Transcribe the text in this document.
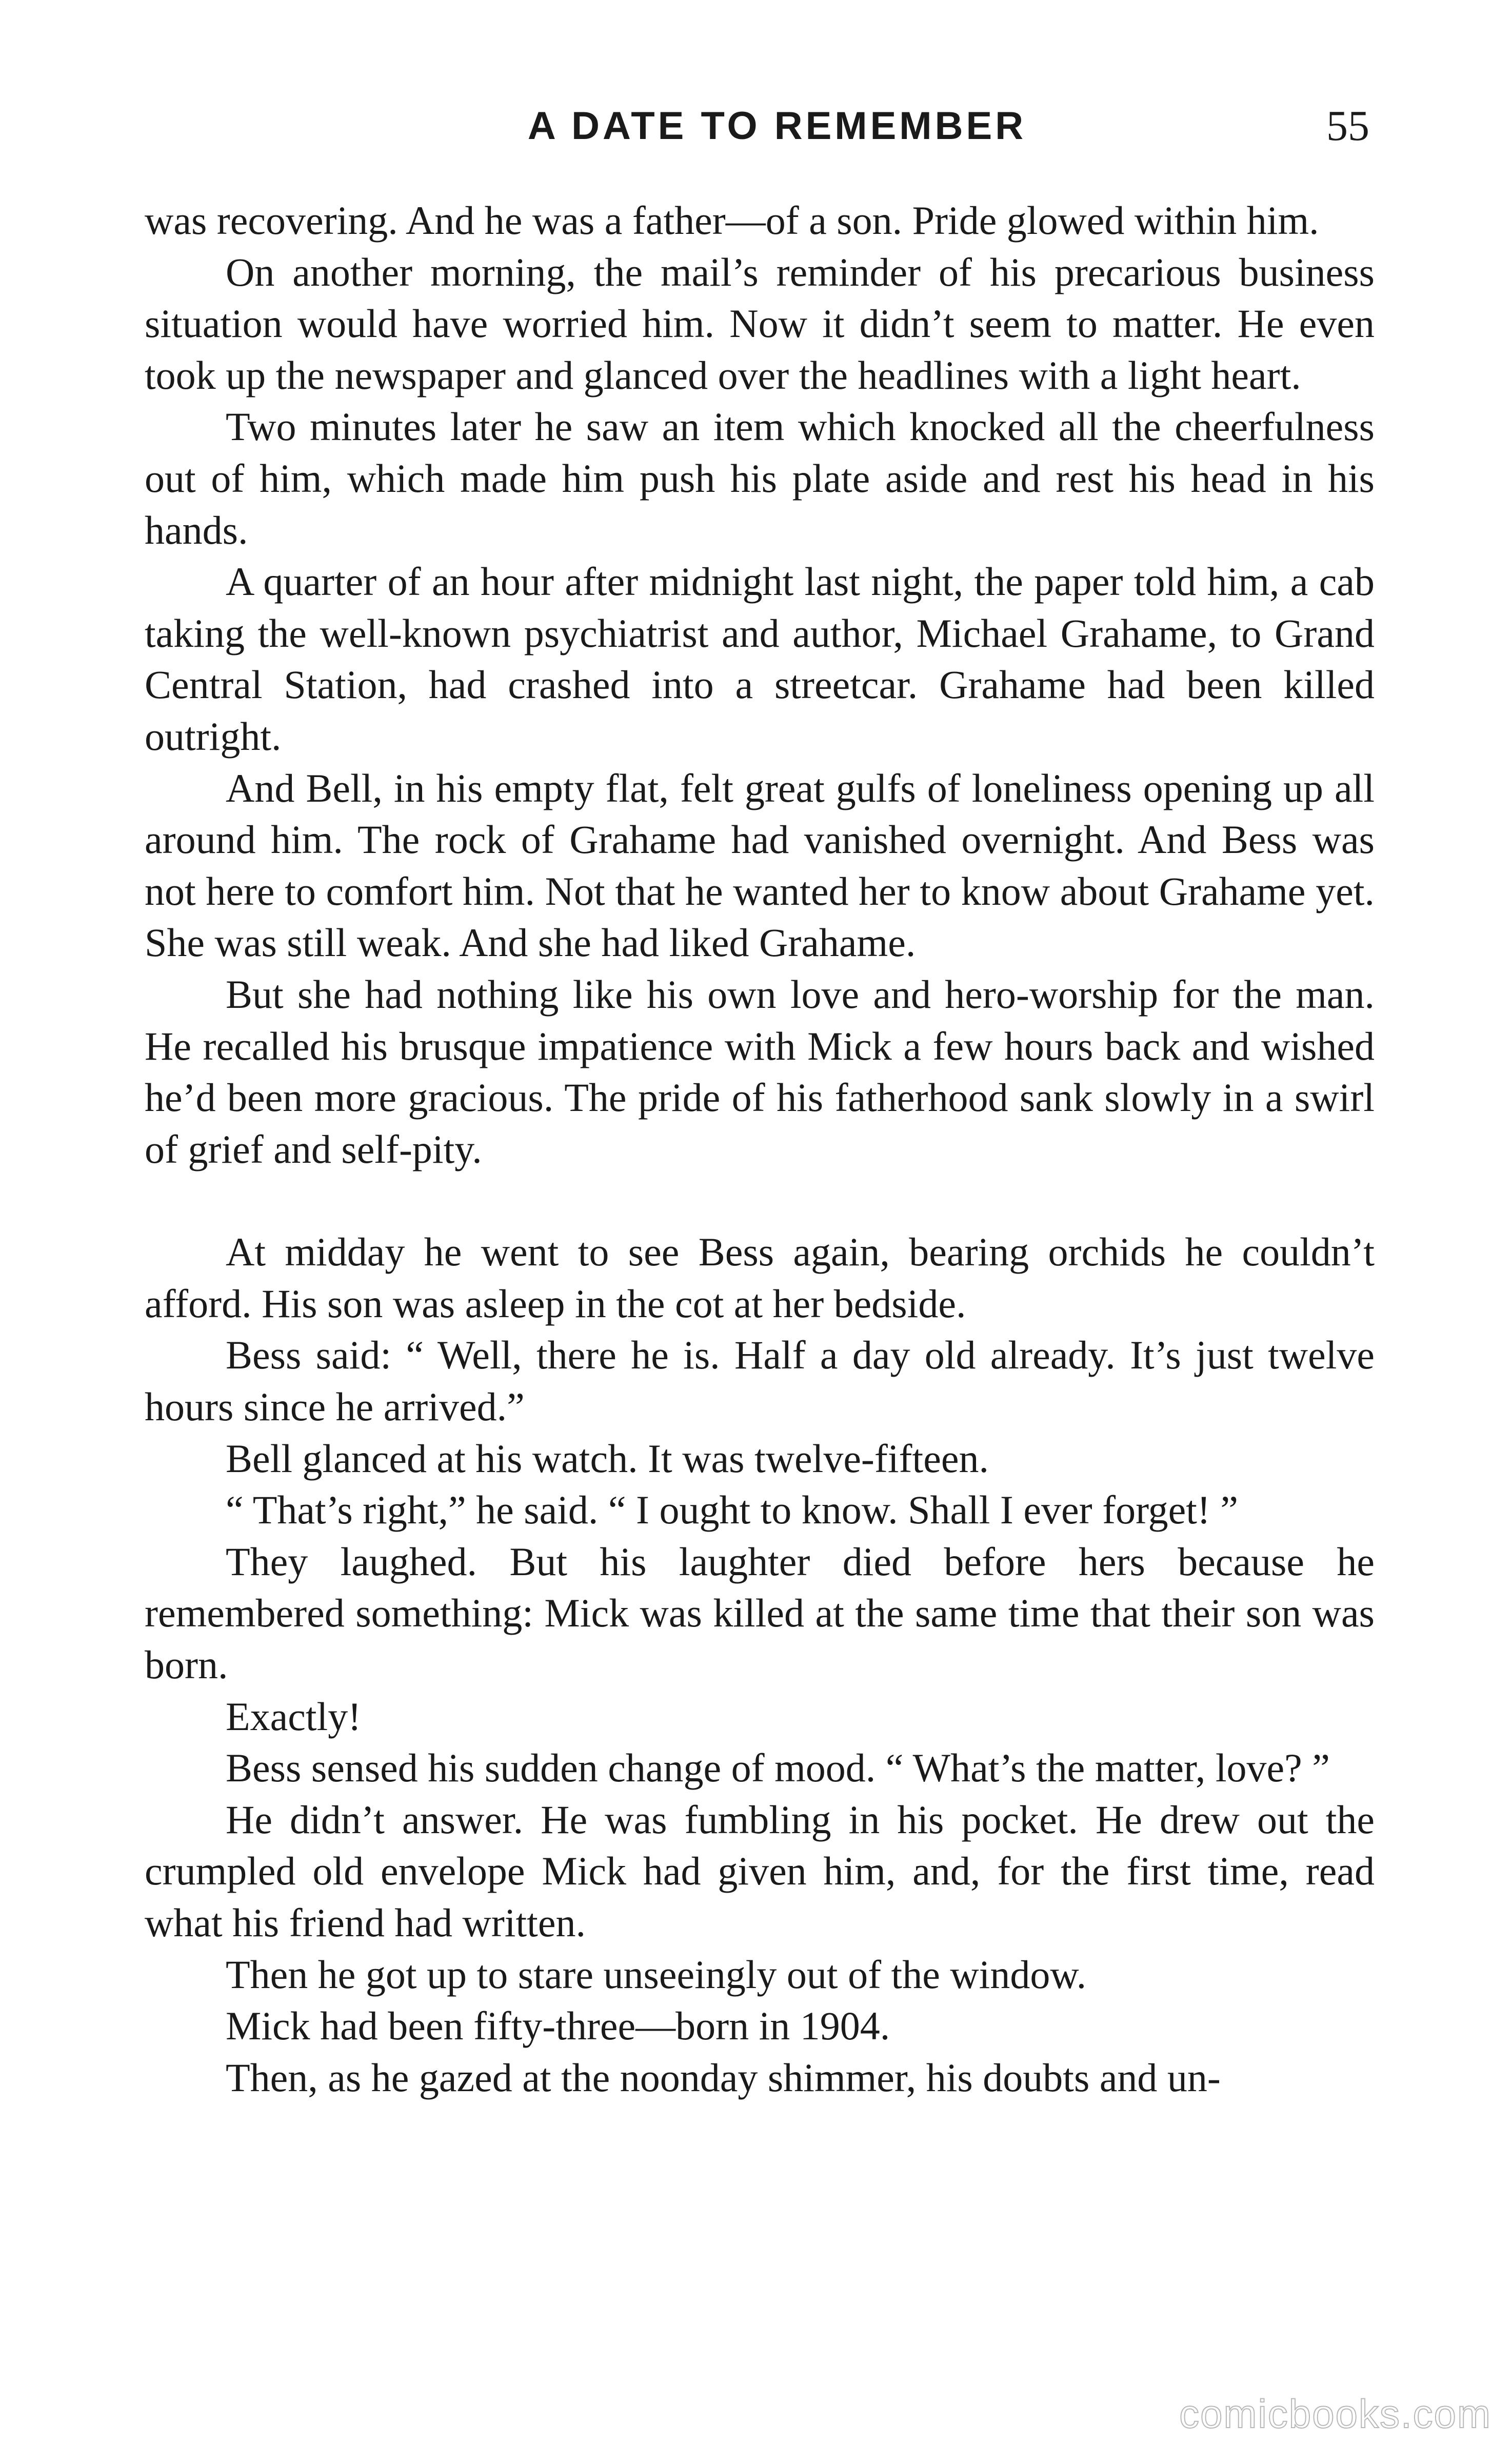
A DATE TO REMEMBER	55

was recovering. And he was a father—of a son. Pride glowed within him.

On another morning, the mail’s reminder of his precarious business situation would have worried him. Now it didn’t seem to matter. He even took up the newspaper and glanced over the headlines with a light heart.

Two minutes later he saw an item which knocked all the cheerfulness out of him, which made him push his plate aside and rest his head in his hands.

A quarter of an hour after midnight last night, the paper told him, a cab taking the well-known psychiatrist and author, Michael Grahame, to Grand Central Station, had crashed into a streetcar. Grahame had been killed outright.

And Bell, in his empty flat, felt great gulfs of loneliness opening up all around him. The rock of Grahame had vanished overnight. And Bess was not here to comfort him. Not that he wanted her to know about Grahame yet. She was still weak. And she had liked Grahame.

But she had nothing like his own love and hero-worship for the man. He recalled his brusque impatience with Mick a few hours back and wished he’d been more gracious. The pride of his fatherhood sank slowly in a swirl of grief and self-pity.

At midday he went to see Bess again, bearing orchids he couldn’t afford. His son was asleep in the cot at her bedside.

Bess said: “ Well, there he is. Half a day old already. It’s just twelve hours since he arrived.”

Bell glanced at his watch. It was twelve-fifteen.

“ That’s right,” he said. “ I ought to know. Shall I ever forget! ”

They laughed. But his laughter died before hers because he remembered something: Mick was killed at the same time that their son was born.

Exactly!

Bess sensed his sudden change of mood. “ What’s the matter, love? ”

He didn’t answer. He was fumbling in his pocket. He drew out the crumpled old envelope Mick had given him, and, for the first time, read what his friend had written.

Then he got up to stare unseeingly out of the window.

Mick had been fifty-three—born in 1904.

Then, as he gazed at the noonday shimmer, his doubts and un-

comicbooks.com
